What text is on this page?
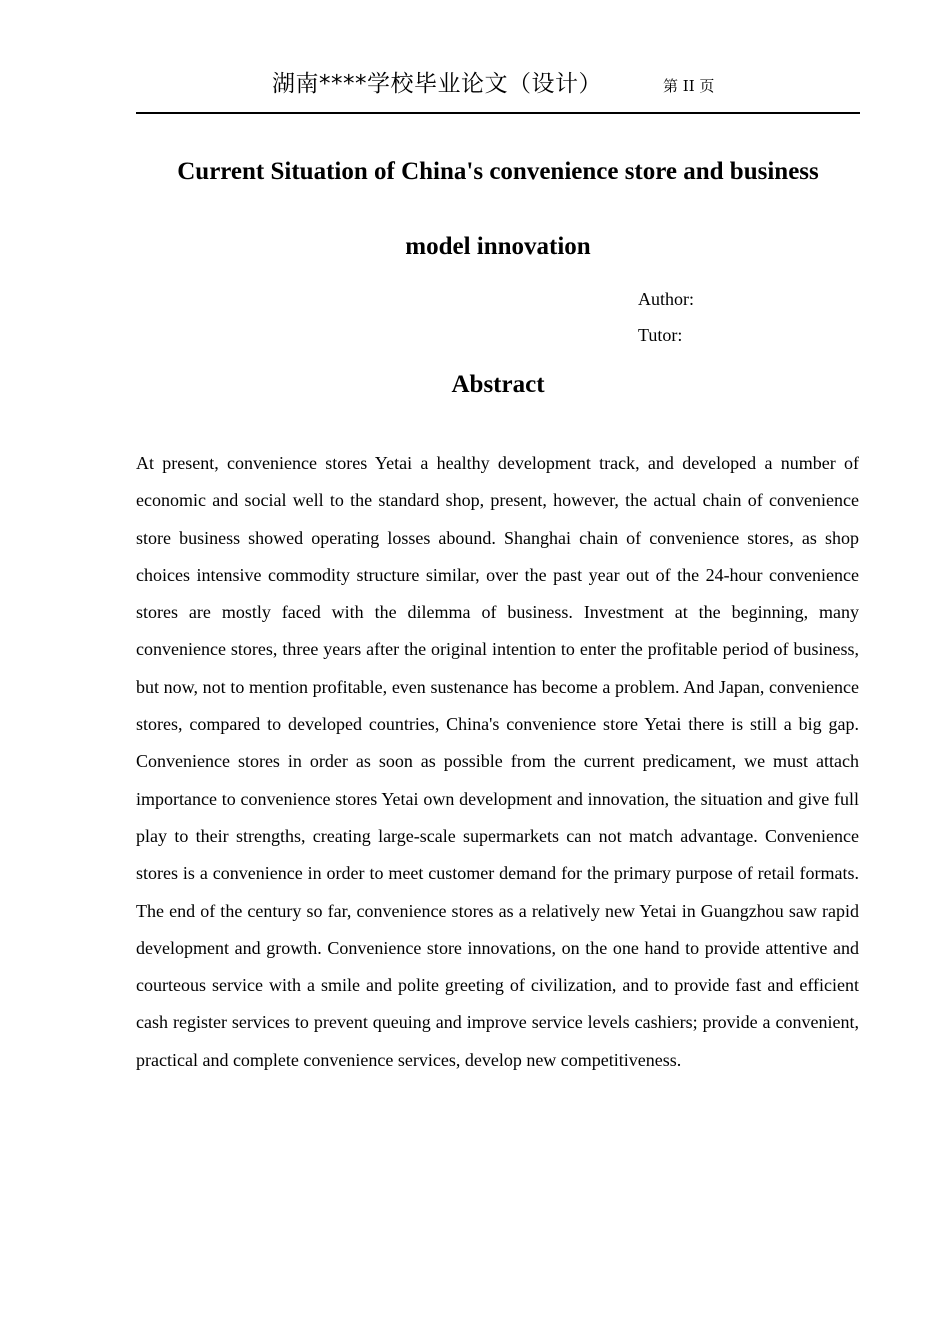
湖南****学校毕业论文（设计）	第 II 页
Current Situation of China's convenience store and business
model innovation
Author:
Tutor:
Abstract

At present, convenience stores Yetai a healthy development track, and developed a number of economic and social well to the standard shop, present, however, the actual chain of convenience store business showed operating losses abound. Shanghai chain of convenience stores, as shop choices intensive commodity structure similar, over the past year out of the 24-hour convenience stores are mostly faced with the dilemma of business. Investment at the beginning, many convenience stores, three years after the original intention to enter the profitable period of business, but now, not to mention profitable, even sustenance has become a problem. And Japan, convenience stores, compared to developed countries, China's convenience store Yetai there is still a big gap. Convenience stores in order as soon as possible from the current predicament, we must attach importance to convenience stores Yetai own development and innovation, the situation and give full play to their strengths, creating large-scale supermarkets can not match advantage. Convenience stores is a convenience in order to meet customer demand for the primary purpose of retail formats. The end of the century so far, convenience stores as a relatively new Yetai in Guangzhou saw rapid development and growth. Convenience store innovations, on the one hand to provide attentive and courteous service with a smile and polite greeting of civilization, and to provide fast and efficient cash register services to prevent queuing and improve service levels cashiers; provide a convenient, practical and complete convenience services, develop new competitiveness.
